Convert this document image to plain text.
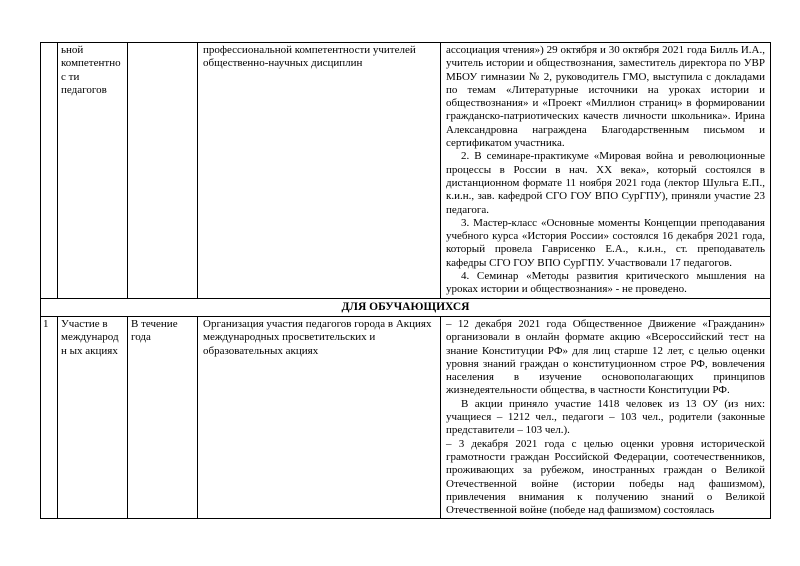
	ьной компетентнос ти педагогов		профессиональной компетентности учителей общественно-научных дисциплин	ассоциация чтения») 29 октября и 30 октября 2021 года Билль И.А., учитель истории и обществознания, заместитель директора по УВР МБОУ гимназии № 2, руководитель ГМО, выступила с докладами по темам «Литературные источники на уроках истории и обществознания» и «Проект «Миллион страниц» в формировании гражданско-патриотических качеств личности школьника». Ирина Александровна награждена Благодарственным письмом и сертификатом участника.

2. В семинаре-практикуме «Мировая война и революционные процессы в России в нач. XX века», который состоялся в дистанционном формате 11 ноября 2021 года (лектор Шульга Е.П., к.и.н., зав. кафедрой СГО ГОУ ВПО СурГПУ), приняли участие 23 педагога.

3. Мастер-класс «Основные моменты Концепции преподавания учебного курса «История России» состоялся 16 декабря 2021 года, который провела Гаврисенко Е.А., к.и.н., ст. преподаватель кафедры СГО ГОУ ВПО СурГПУ. Участвовали 17 педагогов.

4. Семинар «Методы развития критического мышления на уроках истории и обществознания» - не проведено.

ДЛЯ ОБУЧАЮЩИХСЯ				
1	Участие в международн ых акциях	В течение года	Организация участия педагогов города в Акциях международных просветительских и образовательных акциях	– 12 декабря 2021 года Общественное Движение «Гражданин» организовали в онлайн формате акцию «Всероссийский тест на знание Конституции РФ» для лиц старше 12 лет, с целью оценки уровня знаний граждан о конституционном строе РФ, вовлечения населения в изучение основополагающих принципов жизнедеятельности общества, в частности Конституции РФ.

В акции приняло участие 1418 человек из 13 ОУ (из них: учащиеся – 1212 чел., педагоги – 103 чел., родители (законные представители – 103 чел.).

– 3 декабря 2021 года с целью оценки уровня исторической грамотности граждан Российской Федерации, соотечественников, проживающих за рубежом, иностранных граждан о Великой Отечественной войне (истории победы над фашизмом), привлечения внимания к получению знаний о Великой Отечественной войне (победе над фашизмом) состоялась
